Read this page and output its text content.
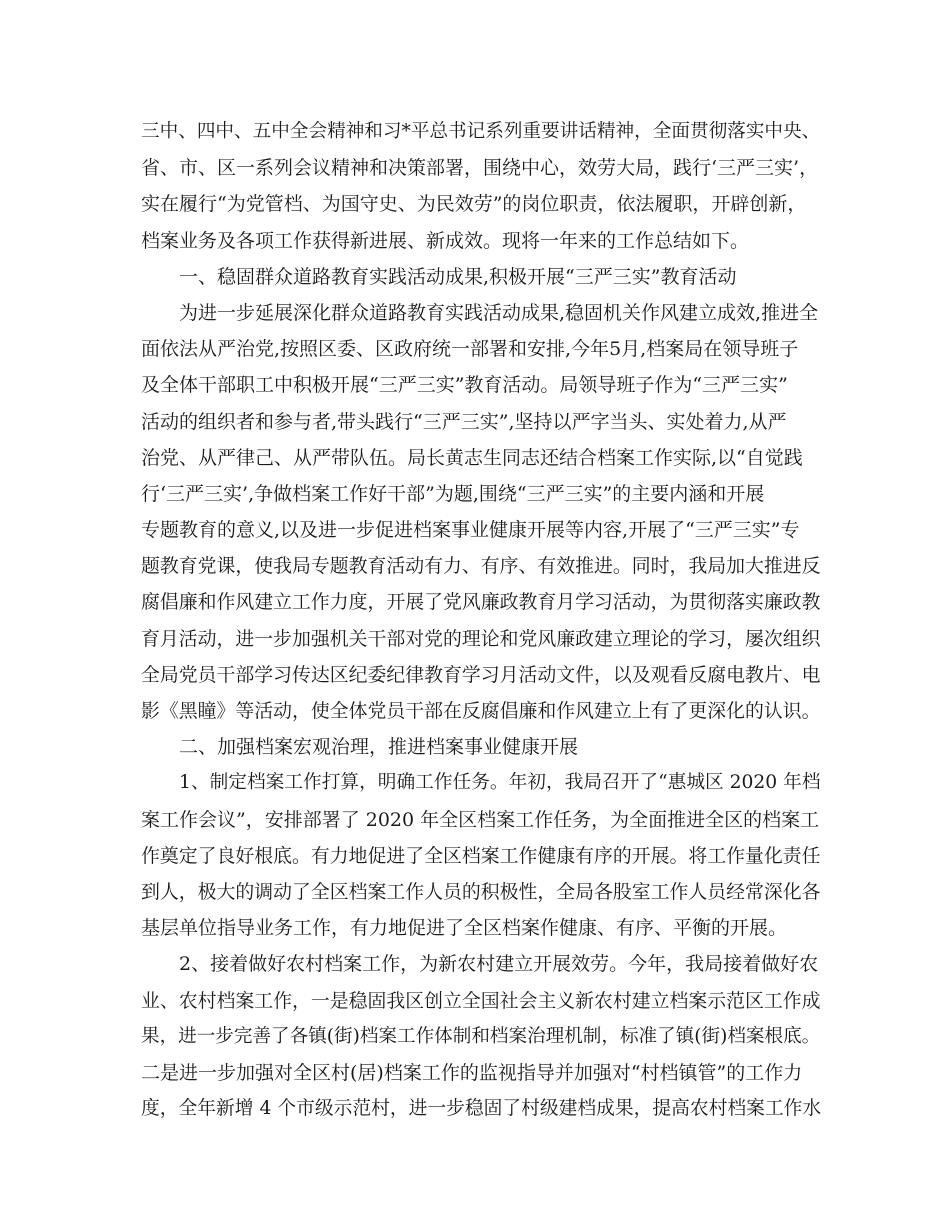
三中、四中、五中全会精神和习*平总书记系列重要讲话精神，全面贯彻落实中央、
省、市、区一系列会议精神和决策部署，围绕中心，效劳大局，践行‘三严三实’，
实在履行“为党管档、为国守史、为民效劳”的岗位职责，依法履职，开辟创新，
档案业务及各项工作获得新进展、新成效。现将一年来的工作总结如下。
一、稳固群众道路教育实践活动成果,积极开展“三严三实”教育活动
为进一步延展深化群众道路教育实践活动成果,稳固机关作风建立成效,推进全
面依法从严治党,按照区委、区政府统一部署和安排,今年5月,档案局在领导班子
及全体干部职工中积极开展“三严三实”教育活动。局领导班子作为“三严三实”
活动的组织者和参与者,带头践行“三严三实”,坚持以严字当头、实处着力,从严
治党、从严律己、从严带队伍。局长黄志生同志还结合档案工作实际,以“自觉践
行‘三严三实’,争做档案工作好干部”为题,围绕“三严三实”的主要内涵和开展
专题教育的意义,以及进一步促进档案事业健康开展等内容,开展了“三严三实”专
题教育党课，使我局专题教育活动有力、有序、有效推进。同时，我局加大推进反
腐倡廉和作风建立工作力度，开展了党风廉政教育月学习活动，为贯彻落实廉政教
育月活动，进一步加强机关干部对党的理论和党风廉政建立理论的学习，屡次组织
全局党员干部学习传达区纪委纪律教育学习月活动文件，以及观看反腐电教片、电
影《黑瞳》等活动，使全体党员干部在反腐倡廉和作风建立上有了更深化的认识。
二、加强档案宏观治理，推进档案事业健康开展
1、制定档案工作打算，明确工作任务。年初，我局召开了“惠城区 2020 年档
案工作会议”，安排部署了 2020 年全区档案工作任务，为全面推进全区的档案工
作奠定了良好根底。有力地促进了全区档案工作健康有序的开展。将工作量化责任
到人，极大的调动了全区档案工作人员的积极性，全局各股室工作人员经常深化各
基层单位指导业务工作，有力地促进了全区档案作健康、有序、平衡的开展。
2、接着做好农村档案工作，为新农村建立开展效劳。今年，我局接着做好农
业、农村档案工作，一是稳固我区创立全国社会主义新农村建立档案示范区工作成
果，进一步完善了各镇(街)档案工作体制和档案治理机制，标准了镇(街)档案根底。
二是进一步加强对全区村(居)档案工作的监视指导并加强对“村档镇管”的工作力
度，全年新增 4 个市级示范村，进一步稳固了村级建档成果，提高农村档案工作水
